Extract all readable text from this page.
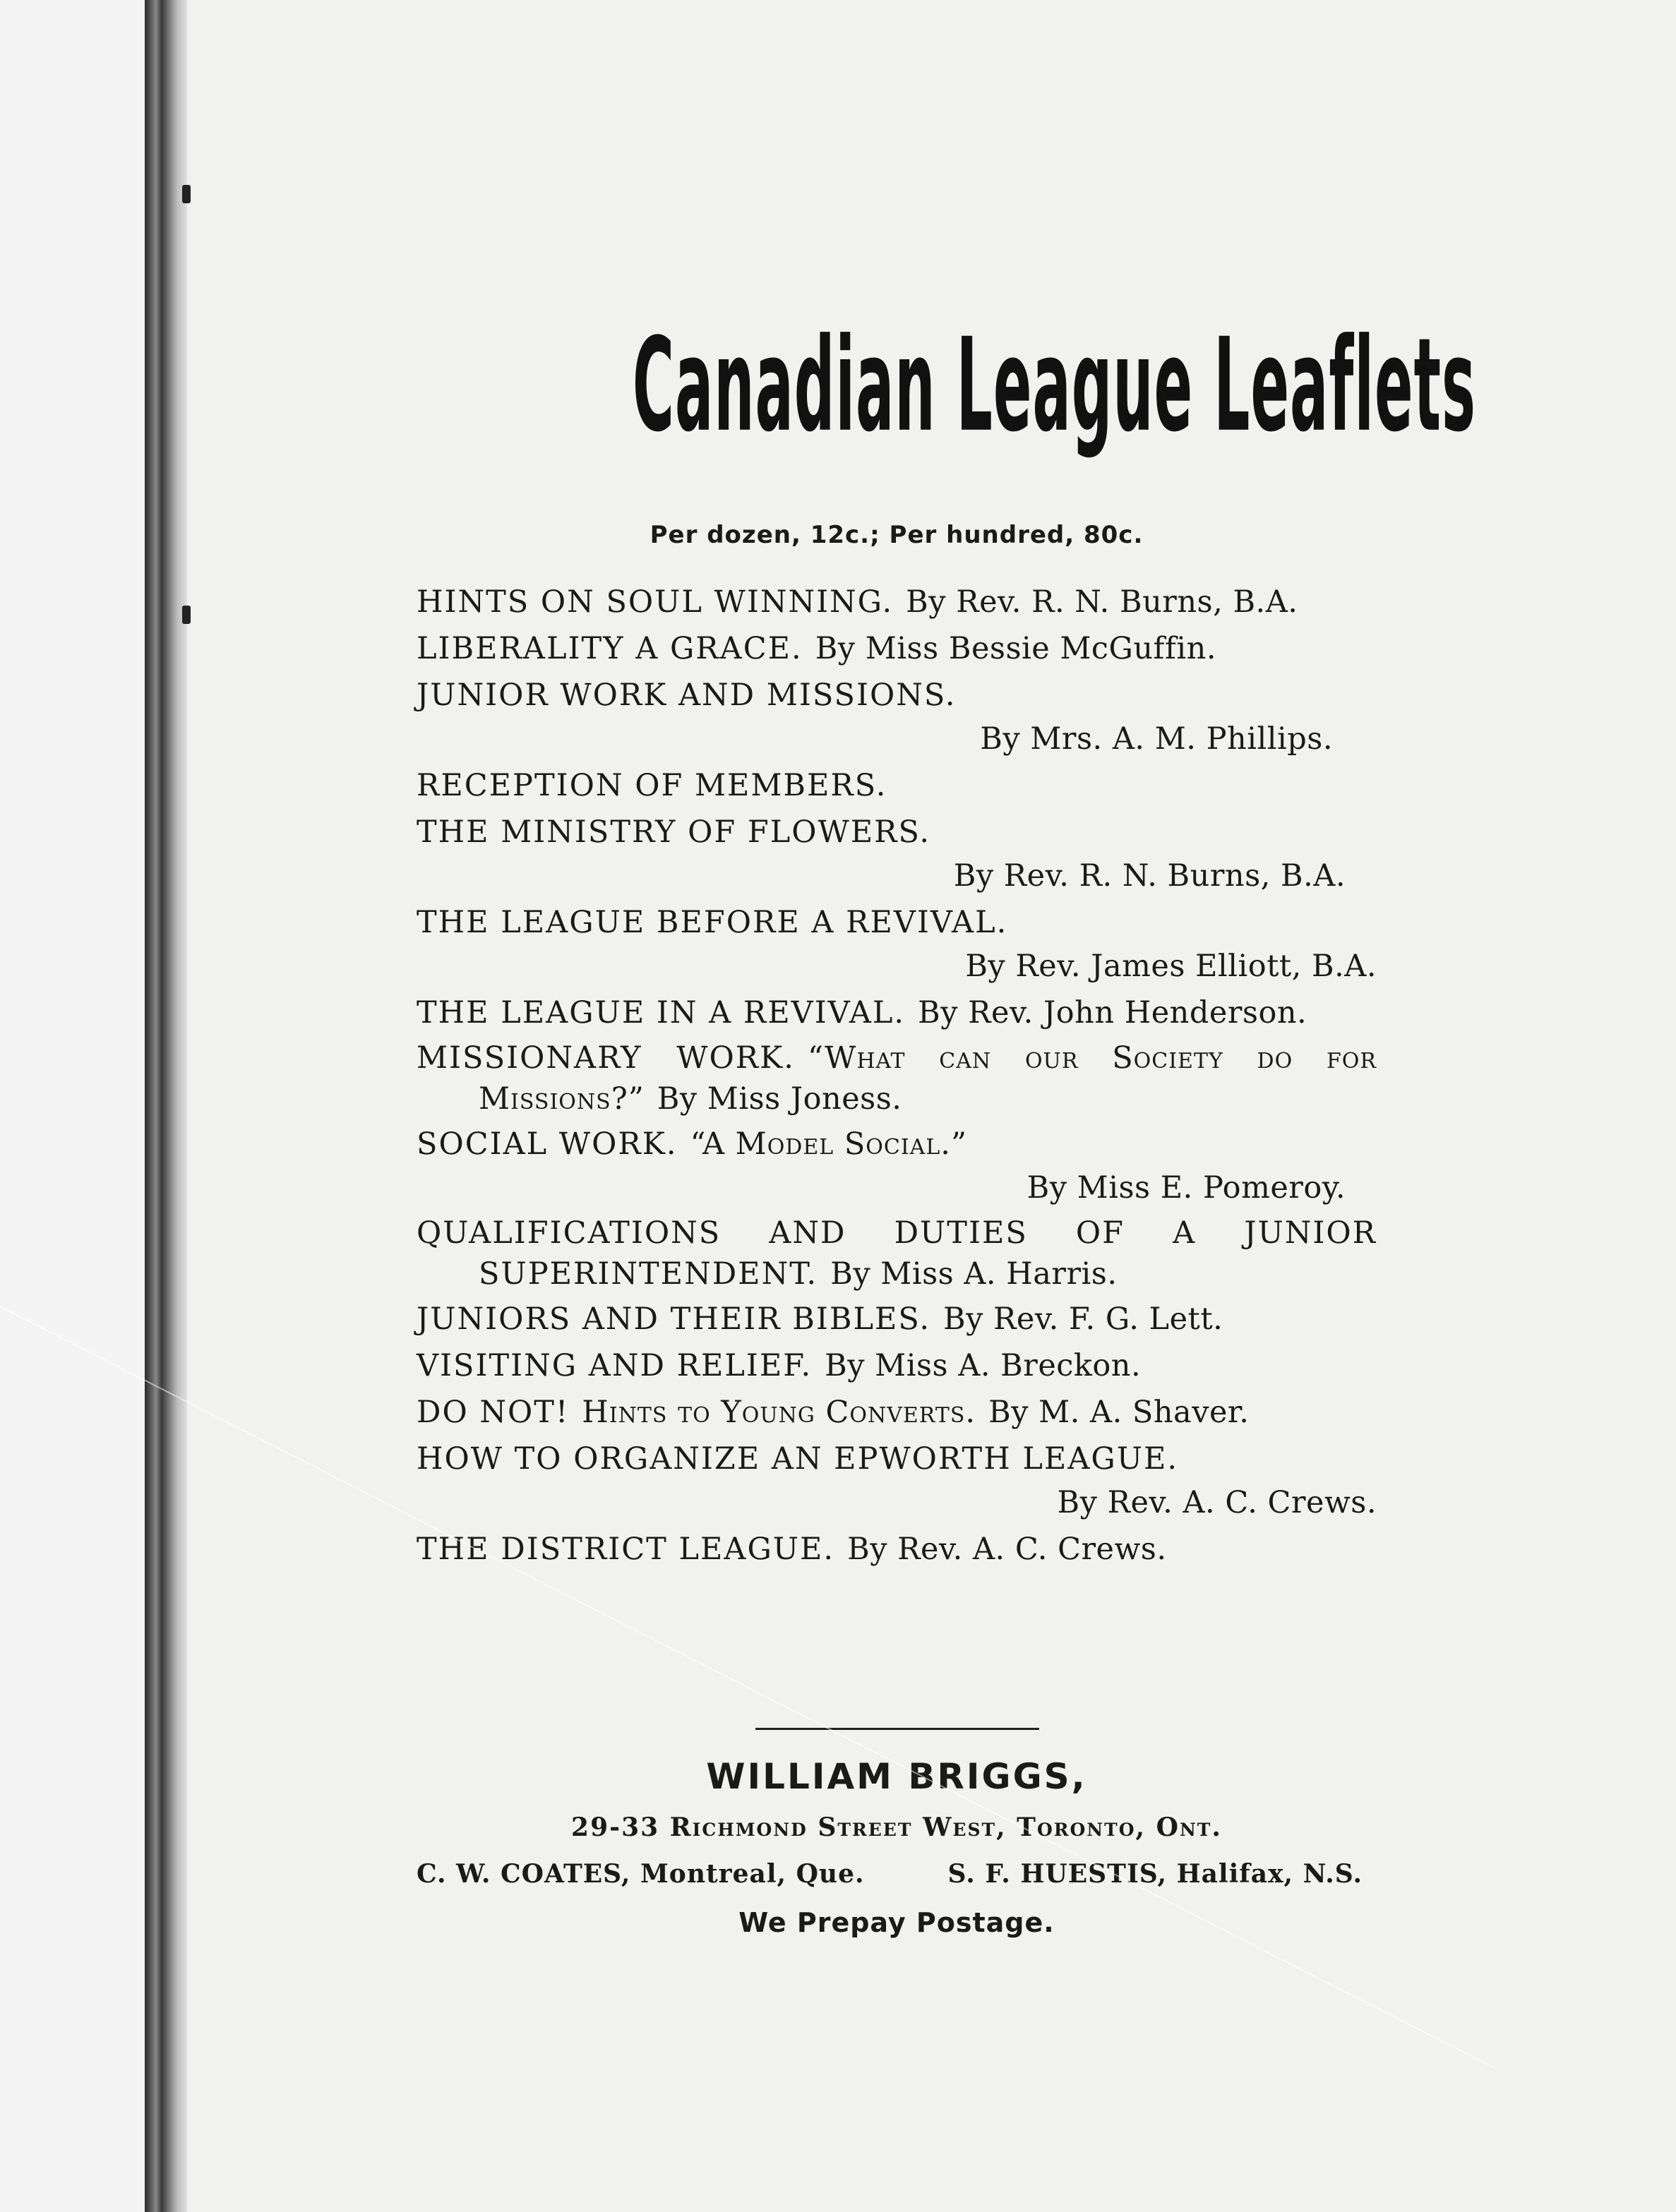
Canadian League Leaflets
Per dozen, 12c.; Per hundred, 80c.
HINTS ON SOUL WINNING. By Rev. R. N. Burns, B.A.
LIBERALITY A GRACE. By Miss Bessie McGuffin.
JUNIOR WORK AND MISSIONS.
By Mrs. A. M. Phillips.
RECEPTION OF MEMBERS.
THE MINISTRY OF FLOWERS.
By Rev. R. N. Burns, B.A.
THE LEAGUE BEFORE A REVIVAL.
By Rev. James Elliott, B.A.
THE LEAGUE IN A REVIVAL. By Rev. John Henderson.
MISSIONARY WORK. “What can our Society do for Missions?” By Miss Joness.
SOCIAL WORK. “A Model Social.”
By Miss E. Pomeroy.
QUALIFICATIONS AND DUTIES OF A JUNIOR SUPERINTENDENT. By Miss A. Harris.
JUNIORS AND THEIR BIBLES. By Rev. F. G. Lett.
VISITING AND RELIEF. By Miss A. Breckon.
DO NOT! Hints to Young Converts. By M. A. Shaver.
HOW TO ORGANIZE AN EPWORTH LEAGUE.
By Rev. A. C. Crews.
THE DISTRICT LEAGUE. By Rev. A. C. Crews.
WILLIAM BRIGGS,
29-33 Richmond Street West, Toronto, Ont.
C. W. COATES, Montreal, Que.	S. F. HUESTIS, Halifax, N.S.
We Prepay Postage.
